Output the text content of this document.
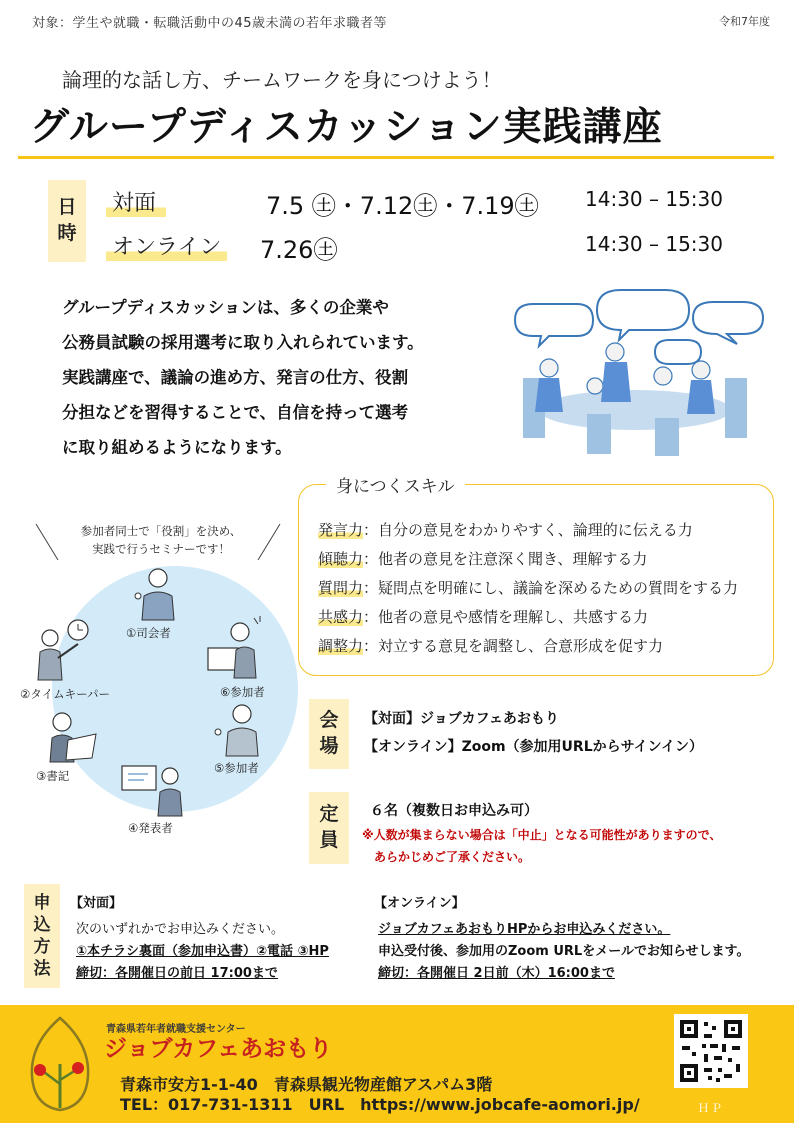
対象：学生や就職・転職活動中の45歳未満の若年求職者等	令和7年度
論理的な話し方、チームワークを身につけよう！
グループディスカッション実践講座
日
時
対面	7.5 ㊏・7.12㊏・7.19㊏ 14:30 – 15:30
オンライン 7.26㊏	14:30 – 15:30
グループディスカッションは、多くの企業や
公務員試験の採用選考に取り入れられています。
実践講座で、議論の進め方、発言の仕方、役割
分担などを習得することで、自信を持って選考
に取り組めるようになります。
参加者同士で「役割」を決め、
実践で行うセミナーです！
①司会者
②タイムキーパー
③書記
④発表者
⑤参加者
⑥参加者
身につくスキル
発言力：自分の意見をわかりやすく、論理的に伝える力
傾聴力：他者の意見を注意深く聞き、理解する力
質問力：疑問点を明確にし、議論を深めるための質問をする力
共感力：他者の意見や感情を理解し、共感する力
調整力：対立する意見を調整し、合意形成を促す力
会
場
【対面】ジョブカフェあおもり
【オンライン】Zoom（参加用URLからサインイン）
定
員
６名（複数日お申込み可）
※人数が集まらない場合は「中止」となる可能性がありますので、
あらかじめご了承ください。
申
込
方
法
【対面】
次のいずれかでお申込みください。
①本チラシ裏面（参加申込書）②電話 ③HP
締切：各開催日の前日 17:00まで
【オンライン】
ジョブカフェあおもりHPからお申込みください。
申込受付後、参加用のZoom URLをメールでお知らせします。
締切：各開催日 2日前（木）16:00まで
青森県若年者就職支援センター
ジョブカフェあおもり
青森市安方1-1-40　青森県観光物産館アスパム3階
TEL：017-731-1311　URL　https://www.jobcafe-aomori.jp/	ＨＰ
